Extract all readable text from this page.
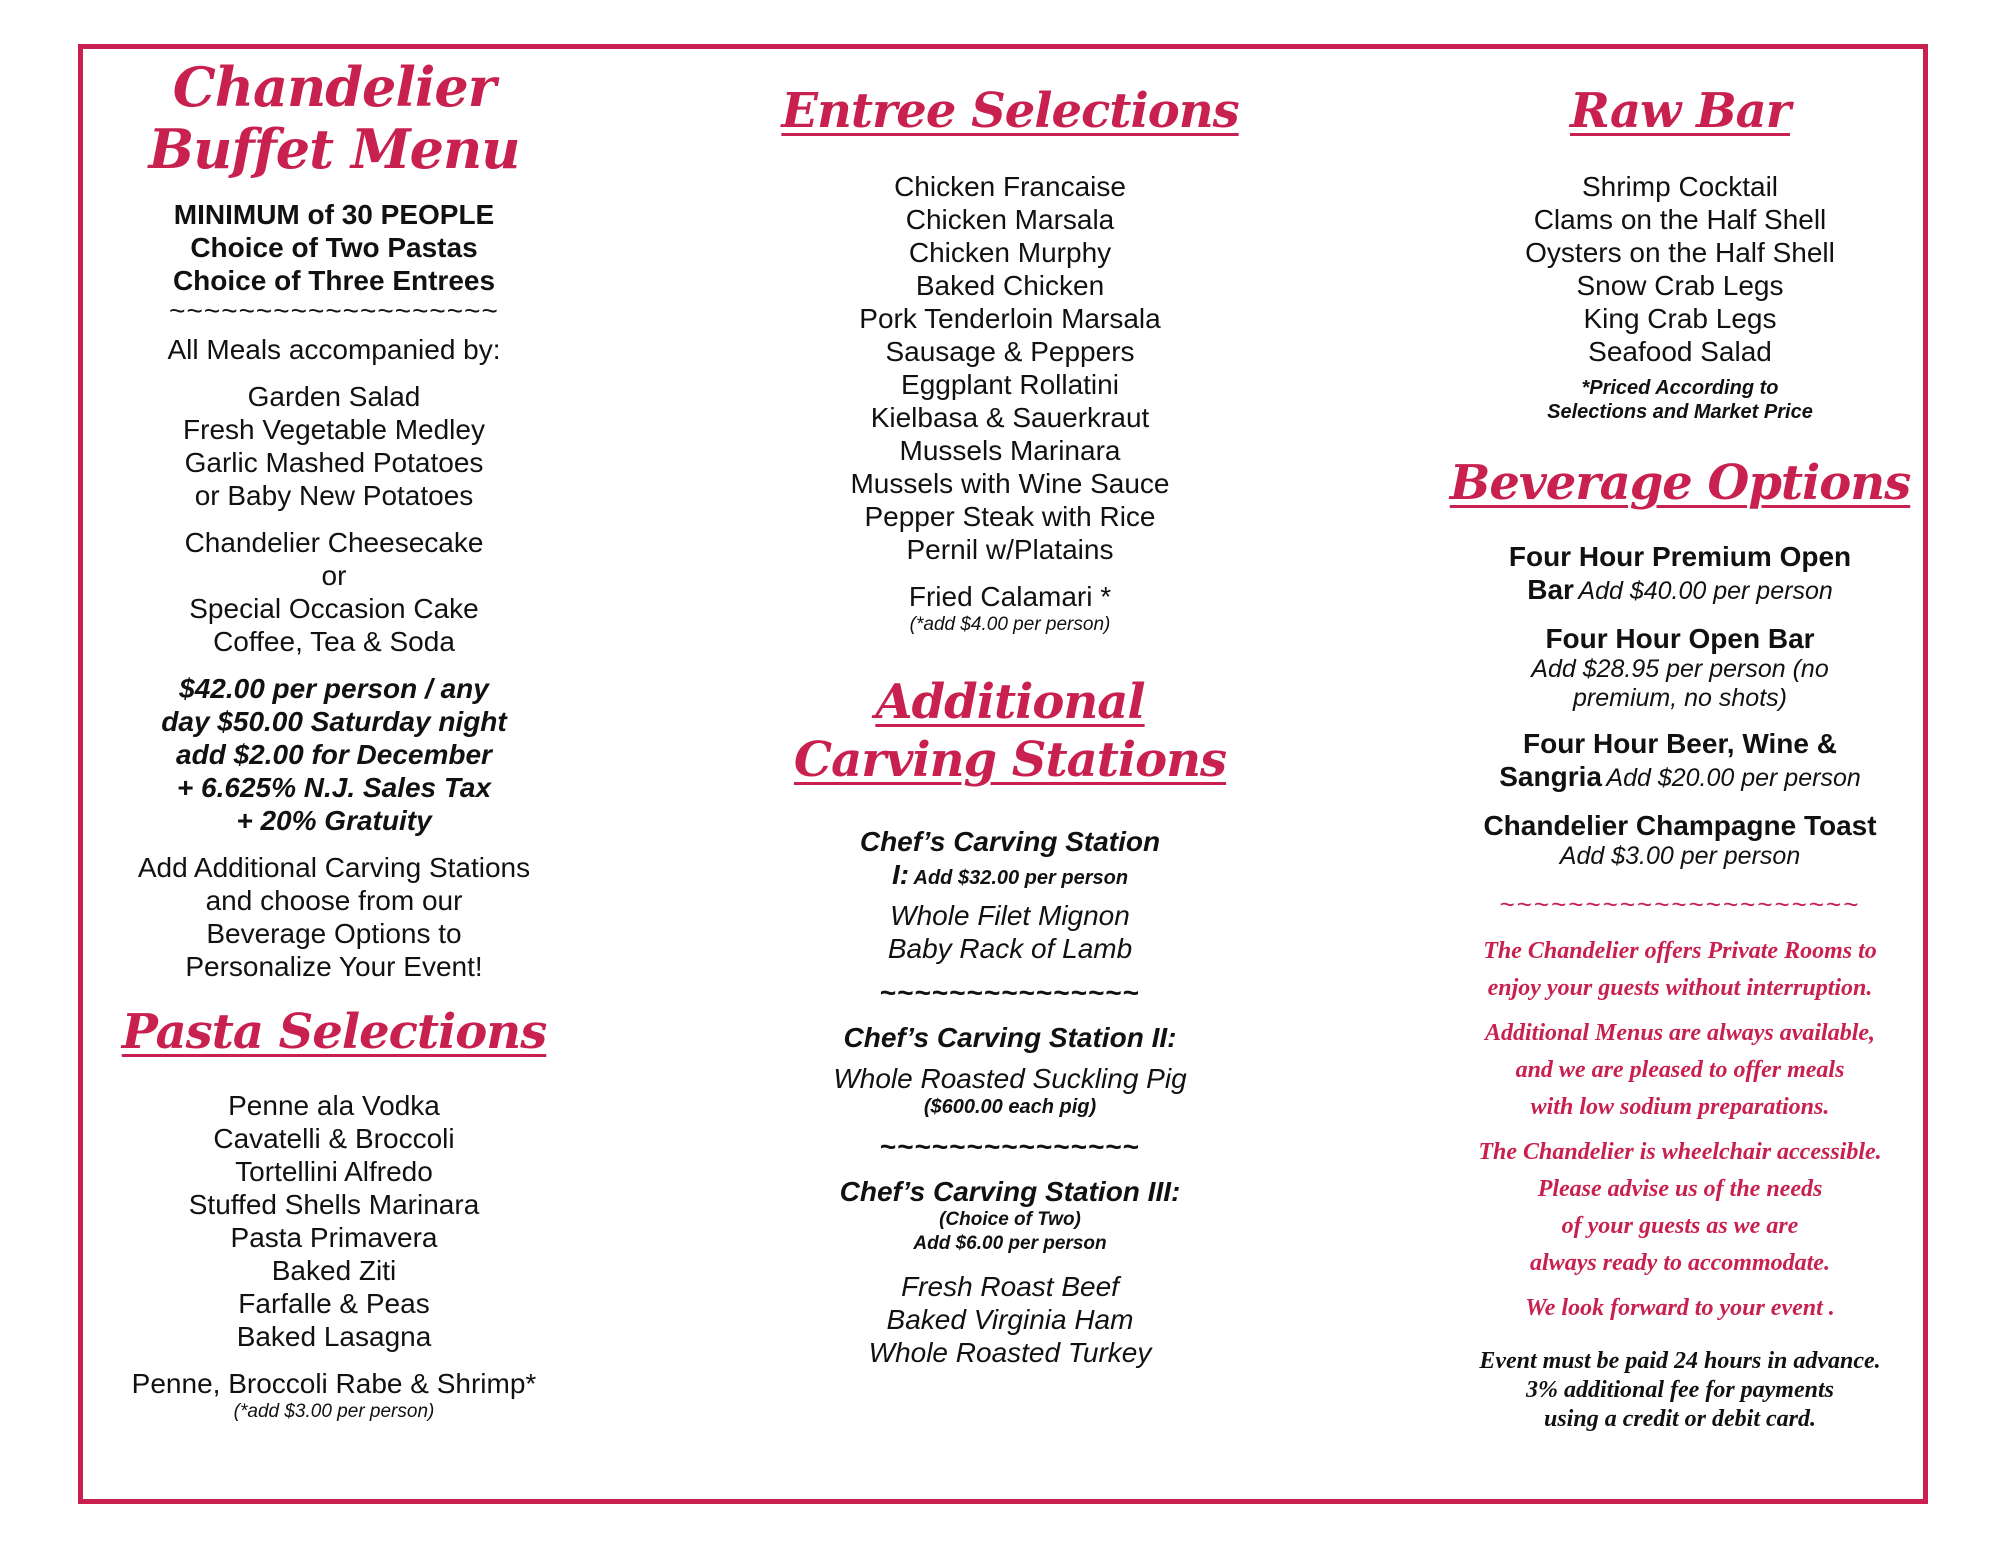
Chandelier
Buffet Menu
MINIMUM of 30 PEOPLE
Choice of Two Pastas
Choice of Three Entrees
~~~~~~~~~~~~~~~~~~~
All Meals accompanied by:
Garden Salad
Fresh Vegetable Medley
Garlic Mashed Potatoes
or Baby New Potatoes
Chandelier Cheesecake
or
Special Occasion Cake
Coffee, Tea & Soda
$42.00 per person / any
day $50.00 Saturday night
add $2.00 for December
+ 6.625% N.J. Sales Tax
+ 20% Gratuity
Add Additional Carving Stations
and choose from our
Beverage Options to
Personalize Your Event!
Pasta Selections
Penne ala Vodka
Cavatelli & Broccoli
Tortellini Alfredo
Stuffed Shells Marinara
Pasta Primavera
Baked Ziti
Farfalle & Peas
Baked Lasagna
Penne, Broccoli Rabe & Shrimp*
(*add $3.00 per person)
Entree Selections
Chicken Francaise
Chicken Marsala
Chicken Murphy
Baked Chicken
Pork Tenderloin Marsala
Sausage & Peppers
Eggplant Rollatini
Kielbasa & Sauerkraut
Mussels Marinara
Mussels with Wine Sauce
Pepper Steak with Rice
Pernil w/Platains
Fried Calamari *
(*add $4.00 per person)
Additional
Carving Stations
Chef’s Carving Station
I: Add $32.00 per person
Whole Filet Mignon
Baby Rack of Lamb
~~~~~~~~~~~~~~~
Chef’s Carving Station II:
Whole Roasted Suckling Pig
($600.00 each pig)
~~~~~~~~~~~~~~~
Chef’s Carving Station III:
(Choice of Two)
Add $6.00 per person
Fresh Roast Beef
Baked Virginia Ham
Whole Roasted Turkey
Raw Bar
Shrimp Cocktail
Clams on the Half Shell
Oysters on the Half Shell
Snow Crab Legs
King Crab Legs
Seafood Salad
*Priced According to
Selections and Market Price
Beverage Options
Four Hour Premium Open
Bar Add $40.00 per person
Four Hour Open Bar
Add $28.95 per person (no
premium, no shots)
Four Hour Beer, Wine &
Sangria Add $20.00 per person
Chandelier Champagne Toast
Add $3.00 per person
~~~~~~~~~~~~~~~~~~~~~
The Chandelier offers Private Rooms to
enjoy your guests without interruption.
Additional Menus are always available,
and we are pleased to offer meals
with low sodium preparations.
The Chandelier is wheelchair accessible.
Please advise us of the needs
of your guests as we are
always ready to accommodate.
We look forward to your event .
Event must be paid 24 hours in advance.
3% additional fee for payments
using a credit or debit card.
